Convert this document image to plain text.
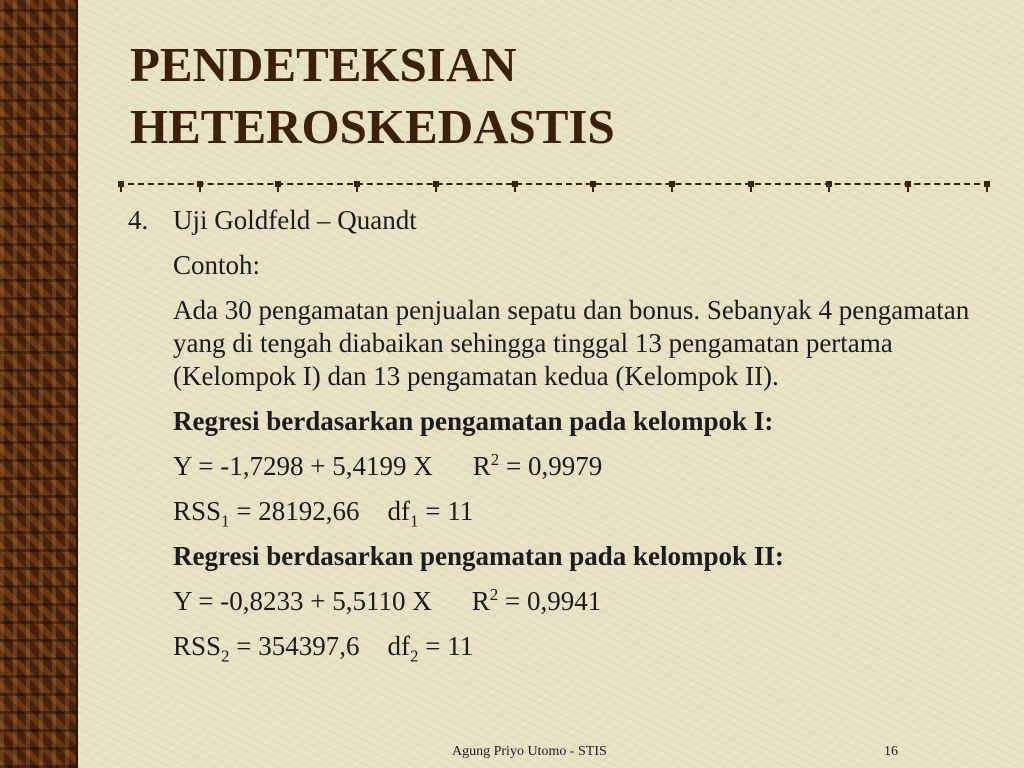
PENDETEKSIAN
HETEROSKEDASTIS
4. Uji Goldfeld – Quandt
Contoh:
Ada 30 pengamatan penjualan sepatu dan bonus. Sebanyak 4 pengamatan yang di tengah diabaikan sehingga tinggal 13 pengamatan pertama (Kelompok I) dan 13 pengamatan kedua (Kelompok II).
Regresi berdasarkan pengamatan pada kelompok I:
Y = -1,7298 + 5,4199 X $R^2 = 0,9979$
$RSS_1 = 28192,66$ $df_1 = 11$
Regresi berdasarkan pengamatan pada kelompok II:
Y = -0,8233 + 5,5110 X $R^2 = 0,9941$
$RSS_2 = 354397,6$ $df_2 = 11$
Agung Priyo Utomo - STIS	16
